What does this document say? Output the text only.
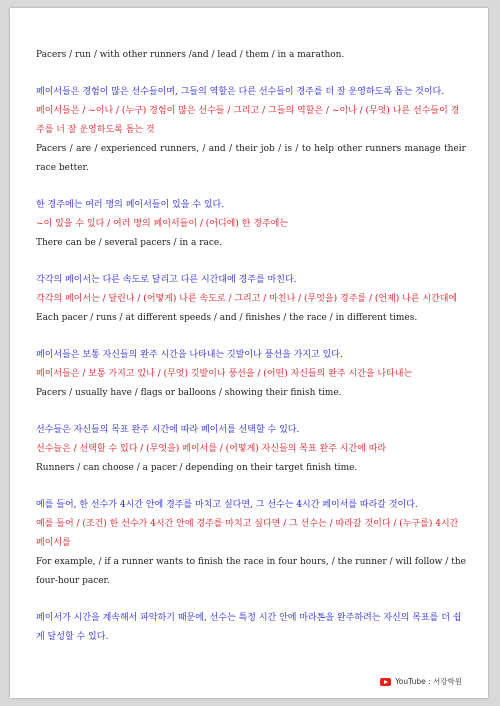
Pacers / run / with other runners /and / lead / them / in a marathon.
페이서들은 경험이 많은 선수들이며, 그들의 역할은 다른 선수들이 경주를 더 잘 운영하도록 돕는 것이다.
페이서들은 / ~이나 / (누구) 경험이 많은 선수들 / 그리고 / 그들의 역할은 / ~이나 / (무엇) 나른 선수들이 경주를 너 잘 운영하도록 돕는 것
Pacers / are / experienced runners, / and / their job / is / to help other runners manage their race better.
한 경주에는 여러 명의 페이서들이 있을 수 있다.
~이 있을 수 있다 / 여러 명의 페이서들이 / (어디에) 한 경주에는
There can be / several pacers / in a race.
각각의 페이서는 다른 속도로 달리고 다른 시간대에 경주를 마친다.
각각의 페이서는 / 달린나 / (어떻게) 나른 속도로 / 그리고 / 마친나 / (무엇을) 경주를 / (언제) 나른 시간대에
Each pacer / runs / at different speeds / and / finishes / the race / in different times.
페이서들은 보통 자신들의 완주 시간을 나타내는 깃발이나 풍선을 가지고 있다.
페이서들은 / 보통 가지고 있나 / (무엇) 깃발이나 풍선을 / (어떤) 자신들의 완주 시간을 나타내는
Pacers / usually have / flags or balloons / showing their finish time.
선수들은 자신들의 목표 완주 시간에 따라 페이서를 선택할 수 있다.
선수늘은 / 선택할 수 있다 / (무엇을) 페이서를 / (어떻게) 자신들의 목표 완주 시간에 따라
Runners / can choose / a pacer / depending on their target finish time.
예를 들어, 한 선수가 4시간 안에 경주를 마치고 싶다면, 그 선수는 4시간 페이서를 따라갈 것이다.
예를 들어 / (조건) 한 선수가 4시간 안에 경주를 마치고 싶다면 / 그 선수는 / 따라갈 것이다 / (누구를) 4시간 페이서를
For example, / if a runner wants to finish the race in four hours, / the runner / will follow / the four-hour pacer.
페이서가 시간을 계속해서 파악하기 때문에, 선수는 특정 시간 안에 마라톤을 완주하려는 자신의 목표를 더 쉽게 달성할 수 있다.
YouTube : 서강학원
